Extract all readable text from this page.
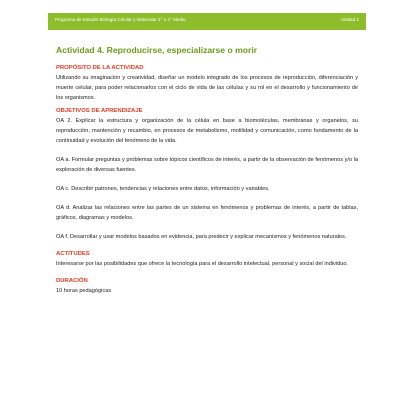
Programa de Estudio Biología Celular y Molecular 3° o 4° Medio	Unidad 1
Actividad 4. Reproducirse, especializarse o morir
PROPÓSITO DE LA ACTIVIDAD

Utilizando su imaginación y creatividad, diseñar un modelo integrado de los procesos de reproducción, diferenciación y muerte celular, para poder relacionarlos con el ciclo de vida de las células y su rol en el desarrollo y funcionamiento de los organismos.

OBJETIVOS DE APRENDIZAJE

OA 2. Explicar la estructura y organización de la célula en base a biomoléculas, membranas y organelos, su reproducción, mantención y recambio, en procesos de metabolismo, motilidad y comunicación, como fundamento de la continuidad y evolución del fenómeno de la vida.

OA a. Formular preguntas y problemas sobre tópicos científicos de interés, a partir de la observación de fenómenos y/o la exploración de diversas fuentes.

OA c. Describir patrones, tendencias y relaciones entre datos, información y variables.

OA d. Analizar las relaciones entre las partes de un sistema en fenómenos y problemas de interés, a partir de tablas, gráficos, diagramas y modelos.

OA f. Desarrollar y usar modelos basados en evidencia, para predecir y explicar mecanismos y fenómenos naturales.

ACTITUDES

Interesarse por las posibilidades que ofrece la tecnología para el desarrollo intelectual, personal y social del individuo.

DURACIÓN

10 horas pedagógicas
